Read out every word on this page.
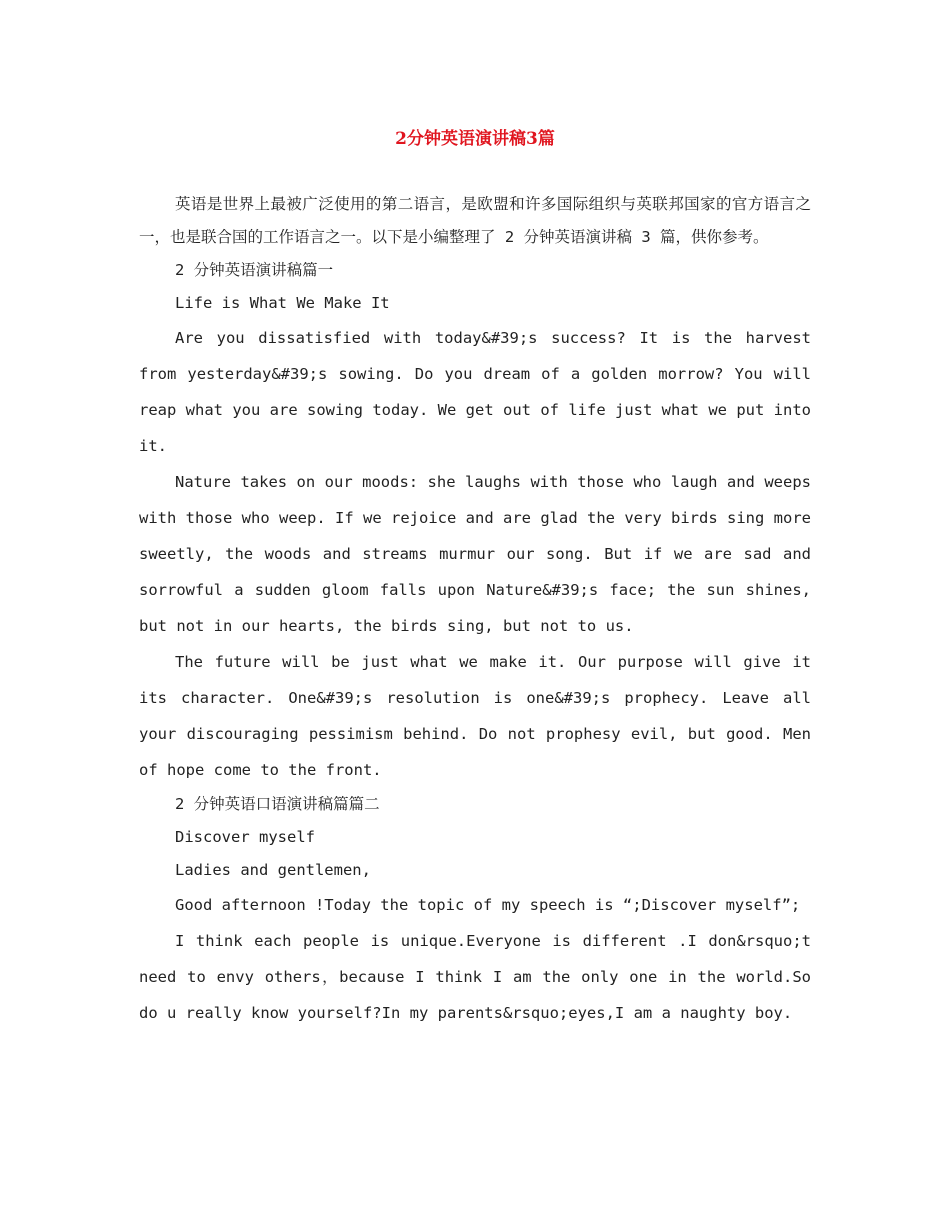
2分钟英语演讲稿3篇

英语是世界上最被广泛使用的第二语言，是欧盟和许多国际组织与英联邦国家的官方语言之一，也是联合国的工作语言之一。以下是小编整理了 2 分钟英语演讲稿 3 篇，供你参考。

2 分钟英语演讲稿篇一

Life is What We Make It

Are you dissatisfied with today&#39;s success? It is the harvest from yesterday&#39;s sowing. Do you dream of a golden morrow? You will reap what you are sowing today. We get out of life just what we put into it.

Nature takes on our moods: she laughs with those who laugh and weeps with those who weep. If we rejoice and are glad the very birds sing more sweetly, the woods and streams murmur our song. But if we are sad and sorrowful a sudden gloom falls upon Nature&#39;s face; the sun shines, but not in our hearts, the birds sing, but not to us.

The future will be just what we make it. Our purpose will give it its character. One&#39;s resolution is one&#39;s prophecy. Leave all your discouraging pessimism behind. Do not prophesy evil, but good. Men of hope come to the front.

2 分钟英语口语演讲稿篇篇二

Discover myself

Ladies and gentlemen,

Good afternoon !Today the topic of my speech is “;Discover myself”;

I think each people is unique.Everyone is different .I don&rsquo;t need to envy others，because I think I am the only one in the world.So do u really know yourself?In my parents&rsquo;eyes,I am a naughty boy.
